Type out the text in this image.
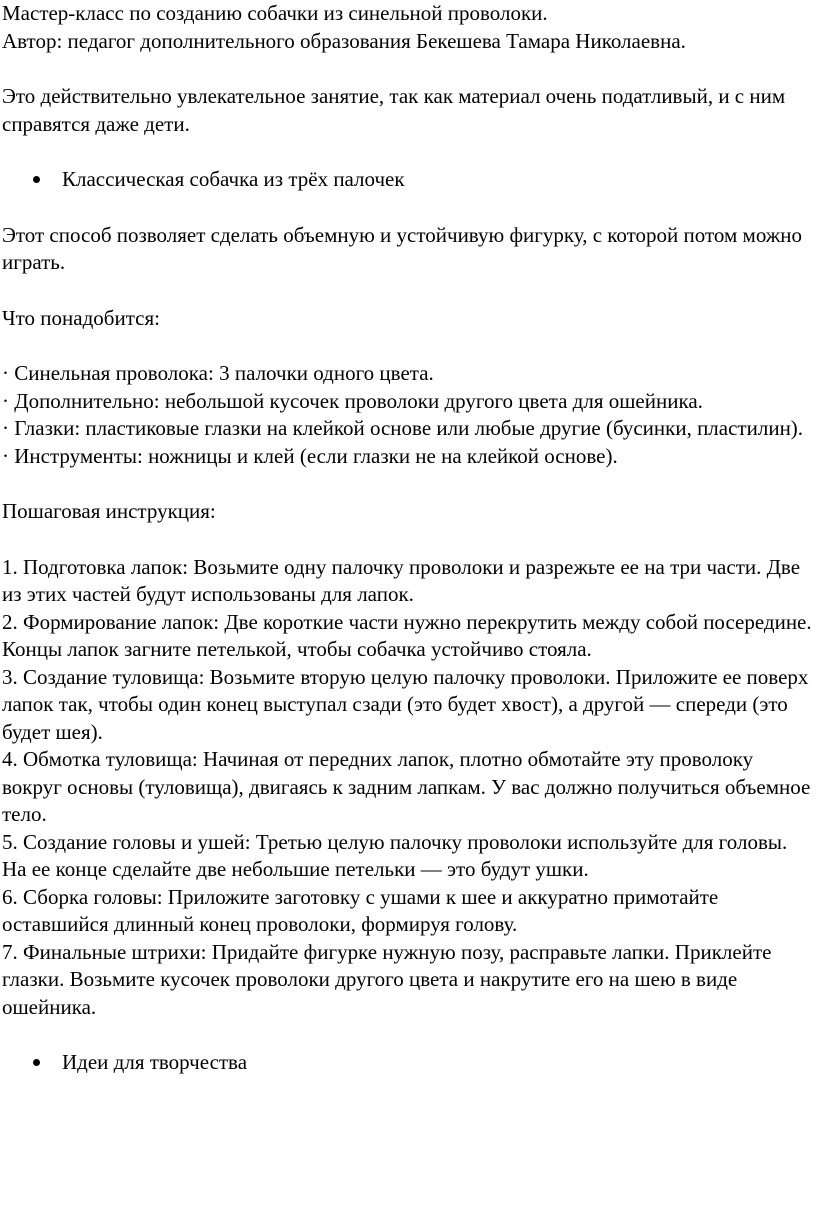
Мастер-класс по созданию собачки из синельной проволоки.

Автор: педагог дополнительного образования Бекешева Тамара Николаевна.

Это действительно увлекательное занятие, так как материал очень податливый, и с ним справятся даже дети.

Классическая собачка из трёх палочек

Этот способ позволяет сделать объемную и устойчивую фигурку, с которой потом можно играть.

Что понадобится:

· Синельная проволока: 3 палочки одного цвета.

· Дополнительно: небольшой кусочек проволоки другого цвета для ошейника.

· Глазки: пластиковые глазки на клейкой основе или любые другие (бусинки, пластилин).

· Инструменты: ножницы и клей (если глазки не на клейкой основе).

Пошаговая инструкция:

1. Подготовка лапок: Возьмите одну палочку проволоки и разрежьте ее на три части. Две из этих частей будут использованы для лапок.

2. Формирование лапок: Две короткие части нужно перекрутить между собой посередине. Концы лапок загните петелькой, чтобы собачка устойчиво стояла.

3. Создание туловища: Возьмите вторую целую палочку проволоки. Приложите ее поверх лапок так, чтобы один конец выступал сзади (это будет хвост), а другой — спереди (это будет шея).

4. Обмотка туловища: Начиная от передних лапок, плотно обмотайте эту проволоку вокруг основы (туловища), двигаясь к задним лапкам. У вас должно получиться объемное тело.

5. Создание головы и ушей: Третью целую палочку проволоки используйте для головы. На ее конце сделайте две небольшие петельки — это будут ушки.

6. Сборка головы: Приложите заготовку с ушами к шее и аккуратно примотайте оставшийся длинный конец проволоки, формируя голову.

7. Финальные штрихи: Придайте фигурке нужную позу, расправьте лапки. Приклейте глазки. Возьмите кусочек проволоки другого цвета и накрутите его на шею в виде ошейника.

Идеи для творчества
